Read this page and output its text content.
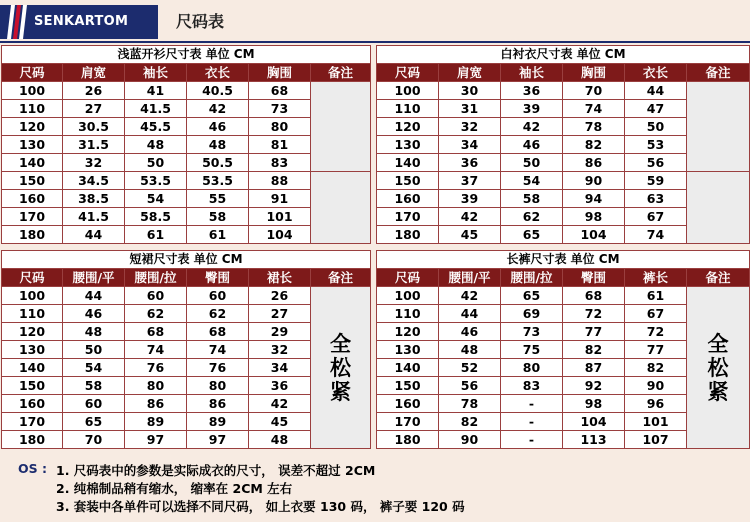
SENKARTOM	尺码表
浅蓝开衫尺寸表 单位 CM					
尺码	肩宽	袖长	衣长	胸围	备注
100	26	41	40.5	68	
110	27	41.5	42	73	
120	30.5	45.5	46	80	
130	31.5	48	48	81	
140	32	50	50.5	83	
150	34.5	53.5	53.5	88	
160	38.5	54	55	91	
170	41.5	58.5	58	101	
180	44	61	61	104	
白衬衣尺寸表 单位 CM					
尺码	肩宽	袖长	胸围	衣长	备注
100	30	36	70	44	
110	31	39	74	47	
120	32	42	78	50	
130	34	46	82	53	
140	36	50	86	56	
150	37	54	90	59	
160	39	58	94	63	
170	42	62	98	67	
180	45	65	104	74	
短裙尺寸表 单位 CM					
尺码	腰围/平	腰围/拉	臀围	裙长	备注
100	44	60	60	26	全松紧

110	46	62	62	27	
120	48	68	68	29	
130	50	74	74	32	
140	54	76	76	34	
150	58	80	80	36	
160	60	86	86	42	
170	65	89	89	45	
180	70	97	97	48	
长裤尺寸表 单位 CM					
尺码	腰围/平	腰围/拉	臀围	裤长	备注
100	42	65	68	61	全松紧

110	44	69	72	67	
120	46	73	77	72	
130	48	75	82	77	
140	52	80	87	82	
150	56	83	92	90	
160	78	-	98	96	
170	82	-	104	101	
180	90	-	113	107	
OS : 1. 尺码表中的参数是实际成衣的尺寸， 误差不超过 2CM
2. 纯棉制品稍有缩水， 缩率在 2CM 左右
3. 套装中各单件可以选择不同尺码， 如上衣要 130 码， 裤子要 120 码
